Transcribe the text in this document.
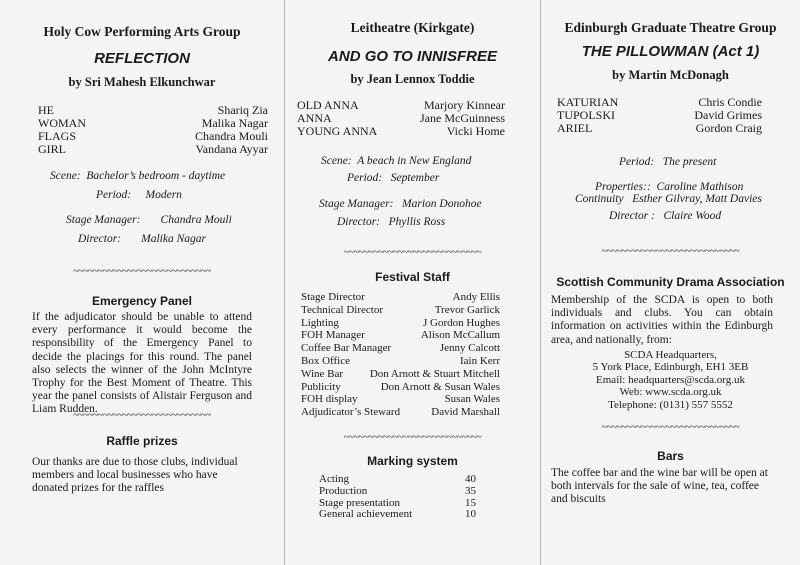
Holy Cow Performing Arts Group
REFLECTION
by Sri Mahesh Elkunchwar
HE
WOMAN
FLAGS
GIRL
Shariq Zia
Malika Nagar
Chandra Mouli
Vandana Ayyar
Scene: Bachelor’s bedroom - daytime
Period: Modern
Stage Manager: Chandra Mouli
Director: Malika Nagar
~~~~~~~~~~~~~~~~~~~~~~~~~~~~
Emergency Panel
If the adjudicator should be unable to attend every performance it would become the responsibility of the Emergency Panel to decide the placings for this round. The panel also selects the winner of the John McIntyre Trophy for the Best Moment of Theatre. This year the panel consists of Alistair Ferguson and Liam Rudden.
~~~~~~~~~~~~~~~~~~~~~~~~~~~~
Raffle prizes
Our thanks are due to those clubs, individual members and local businesses who have donated prizes for the raffles
Leitheatre (Kirkgate)
AND GO TO INNISFREE
by Jean Lennox Toddie
OLD ANNA
ANNA
YOUNG ANNA
Marjory Kinnear
Jane McGuinness
Vicki Home
Scene: A beach in New England
Period: September
Stage Manager: Marion Donohoe
Director: Phyllis Ross
~~~~~~~~~~~~~~~~~~~~~~~~~~~~
Festival Staff
Stage Director
Technical Director
Lighting
FOH Manager
Coffee Bar Manager
Box Office
Wine Bar
Publicity
FOH display
Adjudicator’s Steward
Andy Ellis
Trevor Garlick
J Gordon Hughes
Alison McCallum
Jenny Calcott
Iain Kerr
Don Arnott & Stuart Mitchell
Don Arnott & Susan Wales
Susan Wales
David Marshall
~~~~~~~~~~~~~~~~~~~~~~~~~~~~
Marking system
Acting
Production
Stage presentation
General achievement
40
35
15
10
Edinburgh Graduate Theatre Group
THE PILLOWMAN (Act 1)
by Martin McDonagh
KATURIAN
TUPOLSKI
ARIEL
Chris Condie
David Grimes
Gordon Craig
Period: The present
Properties:: Caroline Mathison
Continuity Esther Gilvray, Matt Davies
Director : Claire Wood
~~~~~~~~~~~~~~~~~~~~~~~~~~~~
Scottish Community Drama Association
Membership of the SCDA is open to both individuals and clubs. You can obtain information on activities within the Edinburgh area, and nationally, from:
SCDA Headquarters,
5 York Place, Edinburgh, EH1 3EB
Email: headquarters@scda.org.uk
Web: www.scda.org.uk
Telephone: (0131) 557 5552
~~~~~~~~~~~~~~~~~~~~~~~~~~~~
Bars
The coffee bar and the wine bar will be open at both intervals for the sale of wine, tea, coffee and biscuits
